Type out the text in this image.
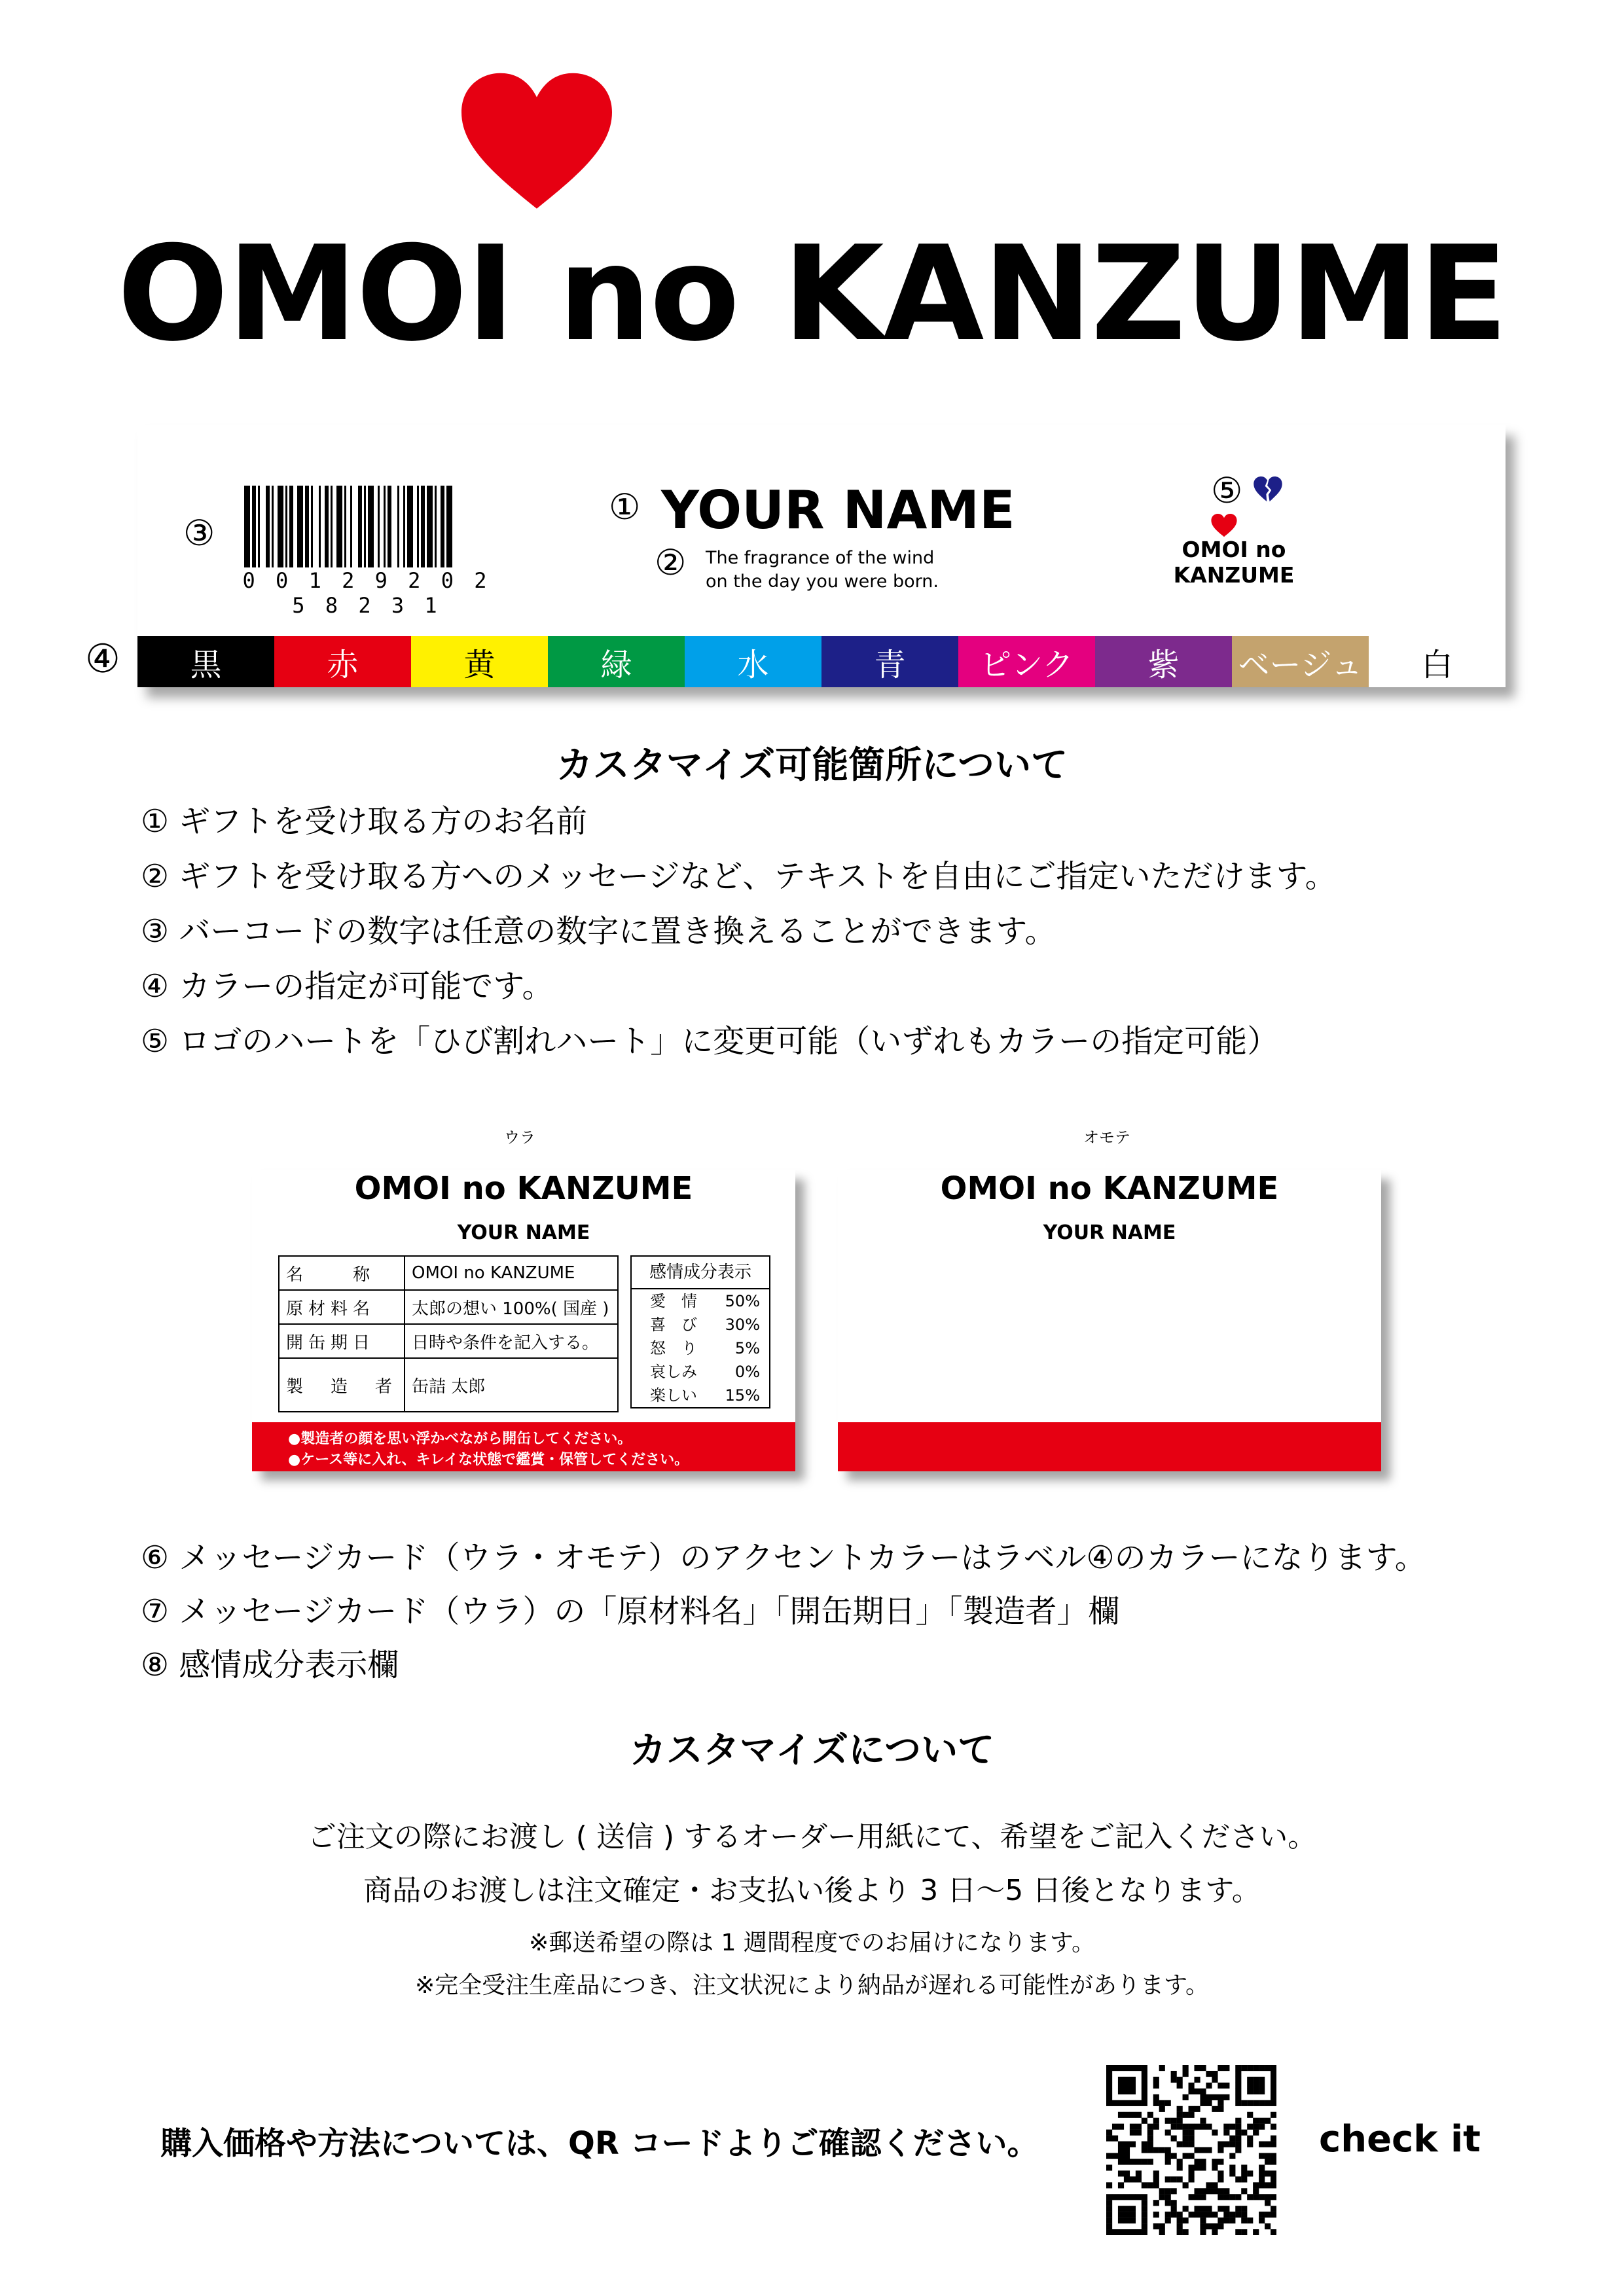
OMOI no KANZUME
③
0 0 1 2 9 2 0 2 5 8 2 3 1
① YOUR NAME
② The fragrance of the wind
on the day you were born.
⑤
OMOI no KANZUME
黒	赤	黄	緑	水	青	ピンク	紫	ベージュ	白
④
カスタマイズ可能箇所について
① ギフトを受け取る方のお名前
② ギフトを受け取る方へのメッセージなど、テキストを自由にご指定いただけます。
③ バーコードの数字は任意の数字に置き換えることができます。
④ カラーの指定が可能です。
⑤ ロゴのハートを「ひび割れハート」に変更可能（いずれもカラーの指定可能）
ウラ	オモテ
OMOI no KANZUME
YOUR NAME
名　　称	OMOI no KANZUME
原材料名	太郎の想い 100%( 国産 )
開缶期日	日時や条件を記入する。
製　造　者	缶詰 太郎
感情成分表示
愛　情 50%
喜　び 30%
怒　り 5%
哀しみ 0%
楽しい 15%
●製造者の顔を思い浮かべながら開缶してください。
●ケース等に入れ、キレイな状態で鑑賞・保管してください。
OMOI no KANZUME
YOUR NAME
⑥ メッセージカード（ウラ・オモテ）のアクセントカラーはラベル④のカラーになります。
⑦ メッセージカード（ウラ）の「原材料名」「開缶期日」「製造者」欄
⑧ 感情成分表示欄
カスタマイズについて
ご注文の際にお渡し ( 送信 ) するオーダー用紙にて、希望をご記入ください。
商品のお渡しは注文確定・お支払い後より 3 日〜5 日後となります。
※郵送希望の際は 1 週間程度でのお届けになります。
※完全受注生産品につき、注文状況により納品が遅れる可能性があります。
購入価格や方法については、QR コードよりご確認ください。	check it
